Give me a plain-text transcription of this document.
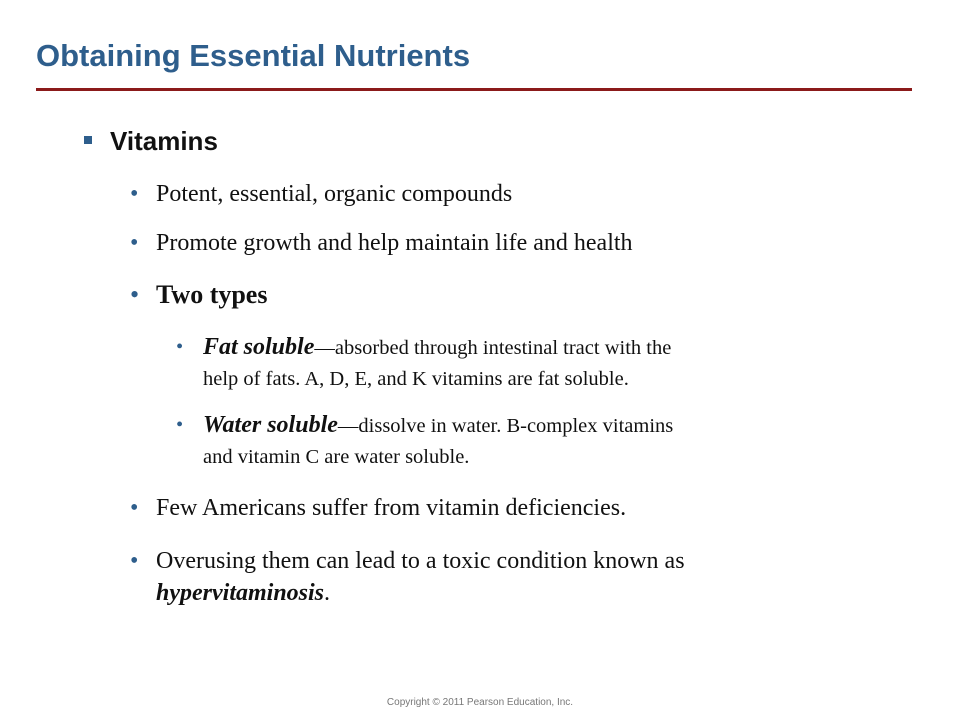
Obtaining Essential Nutrients
Vitamins
• Potent, essential, organic compounds
• Promote growth and help maintain life and health
• Two types
• Fat soluble—absorbed through intestinal tract with the
help of fats. A, D, E, and K vitamins are fat soluble.
• Water soluble—dissolve in water. B-complex vitamins
and vitamin C are water soluble.
• Few Americans suffer from vitamin deficiencies.
• Overusing them can lead to a toxic condition known as
hypervitaminosis.
Copyright © 2011 Pearson Education, Inc.
